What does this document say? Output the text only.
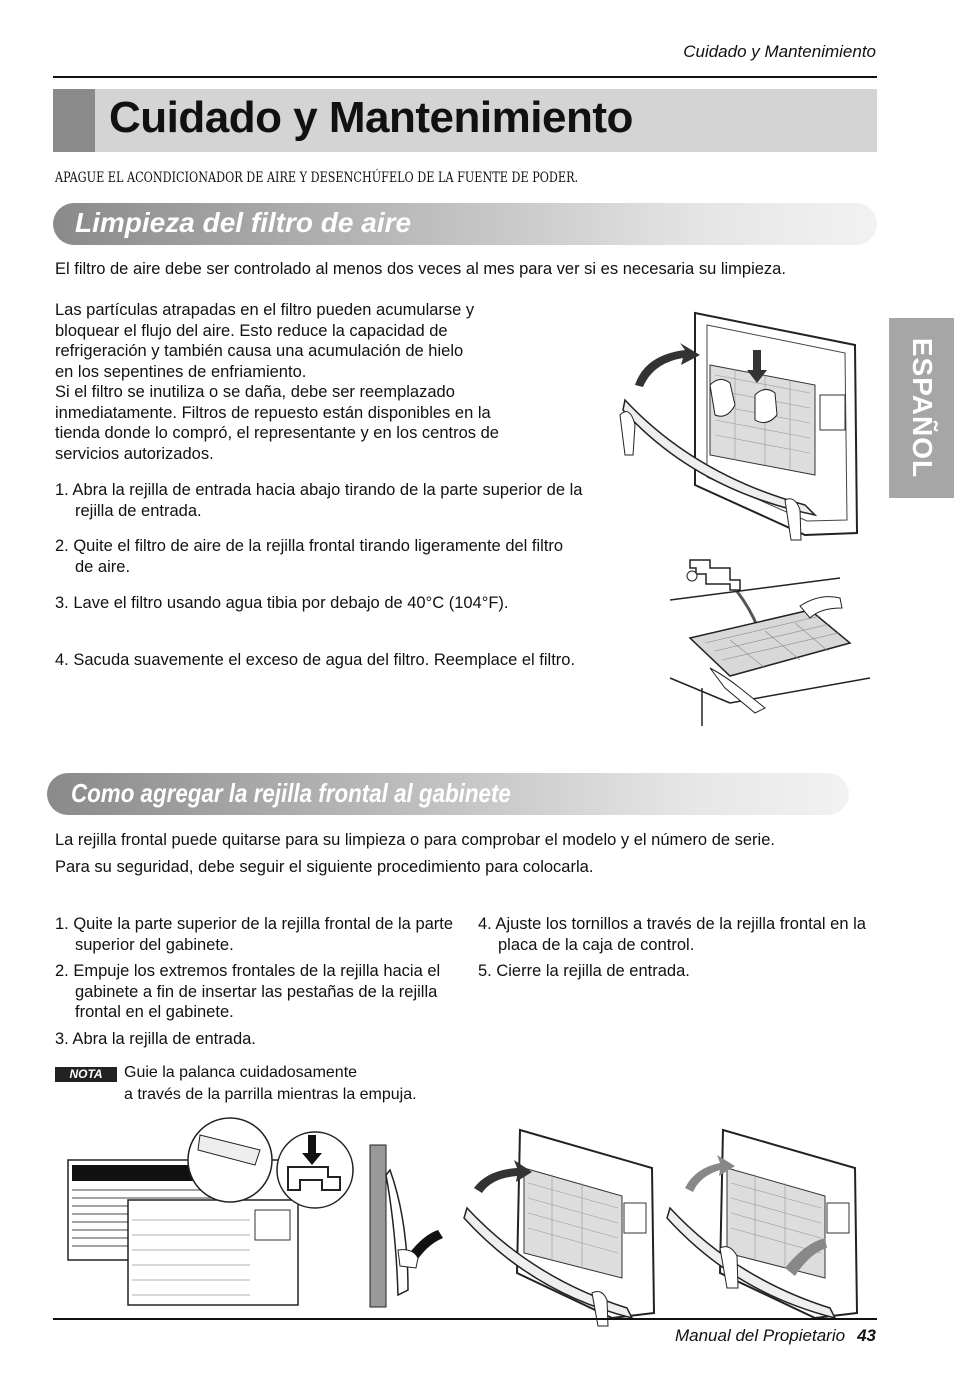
Cuidado y Mantenimiento
Cuidado y Mantenimiento
APAGUE EL ACONDICIONADOR DE AIRE Y DESENCHÚFELO DE LA FUENTE DE PODER.
Limpieza del filtro de aire
El filtro de aire debe ser controlado al menos dos veces al mes para ver si es necesaria su limpieza.
Las partículas atrapadas en el filtro pueden acumularse y
bloquear el flujo del aire. Esto reduce la capacidad de
refrigeración y también causa una acumulación de hielo
en los sepentines de enfriamiento.
Si el filtro se inutiliza o se daña, debe ser reemplazado
inmediatamente. Filtros de repuesto están disponibles en la
tienda donde lo compró, el representante y en los centros de
servicios autorizados.
1. Abra la rejilla de entrada hacia abajo tirando de la parte superior de la rejilla de entrada.
2. Quite el filtro de aire de la rejilla frontal tirando ligeramente del filtro de aire.
3. Lave el filtro usando agua tibia por debajo de 40°C (104°F).
4. Sacuda suavemente el exceso de agua del filtro. Reemplace el filtro.
ESPAÑOL
Como agregar la rejilla frontal al gabinete
La rejilla frontal puede quitarse para su limpieza o para comprobar el modelo y el número de serie.
Para su seguridad, debe seguir el siguiente procedimiento para colocarla.
1. Quite la parte superior de la rejilla frontal de la parte superior del gabinete.
2. Empuje los extremos frontales de la rejilla hacia el gabinete a fin de insertar las pestañas de la rejilla frontal en el gabinete.
3. Abra la rejilla de entrada.
4. Ajuste los tornillos a través de la rejilla frontal en la placa de la caja de control.
5. Cierre la rejilla de entrada.
NOTA	Guie la palanca cuidadosamente
a través de la parrilla mientras la empuja.
Manual del Propietario 43
